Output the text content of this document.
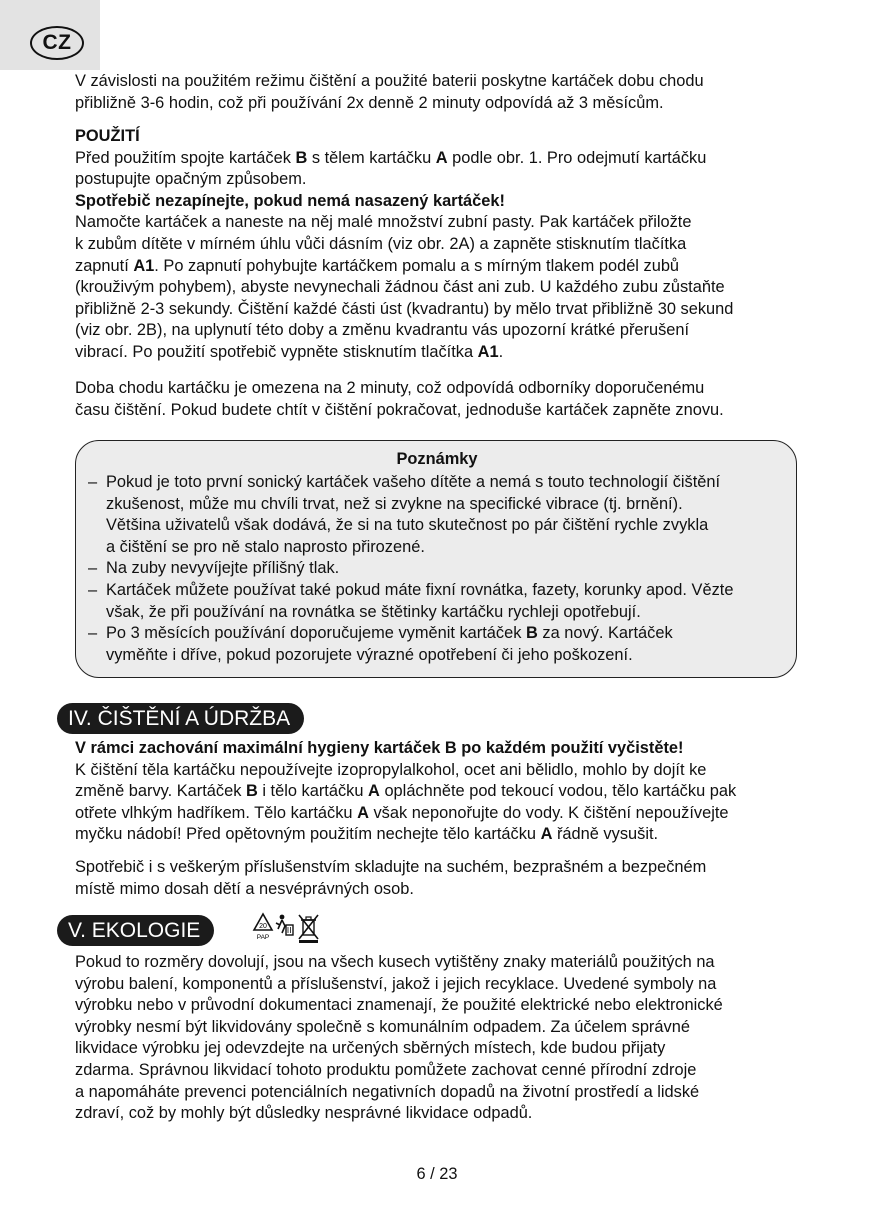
CZ
V závislosti na použitém režimu čištění a použité baterii poskytne kartáček dobu chodu
přibližně 3-6 hodin, což při používání 2x denně 2 minuty odpovídá až 3 měsícům.
POUŽITÍ
Před použitím spojte kartáček B s tělem kartáčku A podle obr. 1. Pro odejmutí kartáčku
postupujte opačným způsobem.
Spotřebič nezapínejte, pokud nemá nasazený kartáček!
Namočte kartáček a naneste na něj malé množství zubní pasty. Pak kartáček přiložte
k zubům dítěte v mírném úhlu vůči dásním (viz obr. 2A) a zapněte stisknutím tlačítka
zapnutí A1. Po zapnutí pohybujte kartáčkem pomalu a s mírným tlakem podél zubů
(krouživým pohybem), abyste nevynechali žádnou část ani zub. U každého zubu zůstaňte
přibližně 2-3 sekundy. Čištění každé části úst (kvadrantu) by mělo trvat přibližně 30 sekund
(viz obr. 2B), na uplynutí této doby a změnu kvadrantu vás upozorní krátké přerušení
vibrací. Po použití spotřebič vypněte stisknutím tlačítka A1.
Doba chodu kartáčku je omezena na 2 minuty, což odpovídá odborníky doporučenému
času čištění. Pokud budete chtít v čištění pokračovat, jednoduše kartáček zapněte znovu.
Poznámky
– Pokud je toto první sonický kartáček vašeho dítěte a nemá s touto technologií čištění
zkušenost, může mu chvíli trvat, než si zvykne na specifické vibrace (tj. brnění).
Většina uživatelů však dodává, že si na tuto skutečnost po pár čištění rychle zvykla
a čištění se pro ně stalo naprosto přirozené.
– Na zuby nevyvíjejte přílišný tlak.
– Kartáček můžete používat také pokud máte fixní rovnátka, fazety, korunky apod. Vězte
však, že při používání na rovnátka se štětinky kartáčku rychleji opotřebují.
– Po 3 měsících používání doporučujeme vyměnit kartáček B za nový. Kartáček
vyměňte i dříve, pokud pozorujete výrazné opotřebení či jeho poškození.
IV. ČIŠTĚNÍ A ÚDRŽBA
V rámci zachování maximální hygieny kartáček B po každém použití vyčistěte!
K čištění těla kartáčku nepoužívejte izopropylalkohol, ocet ani bělidlo, mohlo by dojít ke
změně barvy. Kartáček B i tělo kartáčku A opláchněte pod tekoucí vodou, tělo kartáčku pak
otřete vlhkým hadříkem. Tělo kartáčku A však neponořujte do vody. K čištění nepoužívejte
myčku nádobí! Před opětovným použitím nechejte tělo kartáčku A řádně vysušit.
Spotřebič i s veškerým příslušenstvím skladujte na suchém, bezprašném a bezpečném
místě mimo dosah dětí a nesvéprávných osob.
V. EKOLOGIE	20
PAP
Pokud to rozměry dovolují, jsou na všech kusech vytištěny znaky materiálů použitých na
výrobu balení, komponentů a příslušenství, jakož i jejich recyklace. Uvedené symboly na
výrobku nebo v průvodní dokumentaci znamenají, že použité elektrické nebo elektronické
výrobky nesmí být likvidovány společně s komunálním odpadem. Za účelem správné
likvidace výrobku jej odevzdejte na určených sběrných místech, kde budou přijaty
zdarma. Správnou likvidací tohoto produktu pomůžete zachovat cenné přírodní zdroje
a napomáháte prevenci potenciálních negativních dopadů na životní prostředí a lidské
zdraví, což by mohly být důsledky nesprávné likvidace odpadů.
6 / 23
